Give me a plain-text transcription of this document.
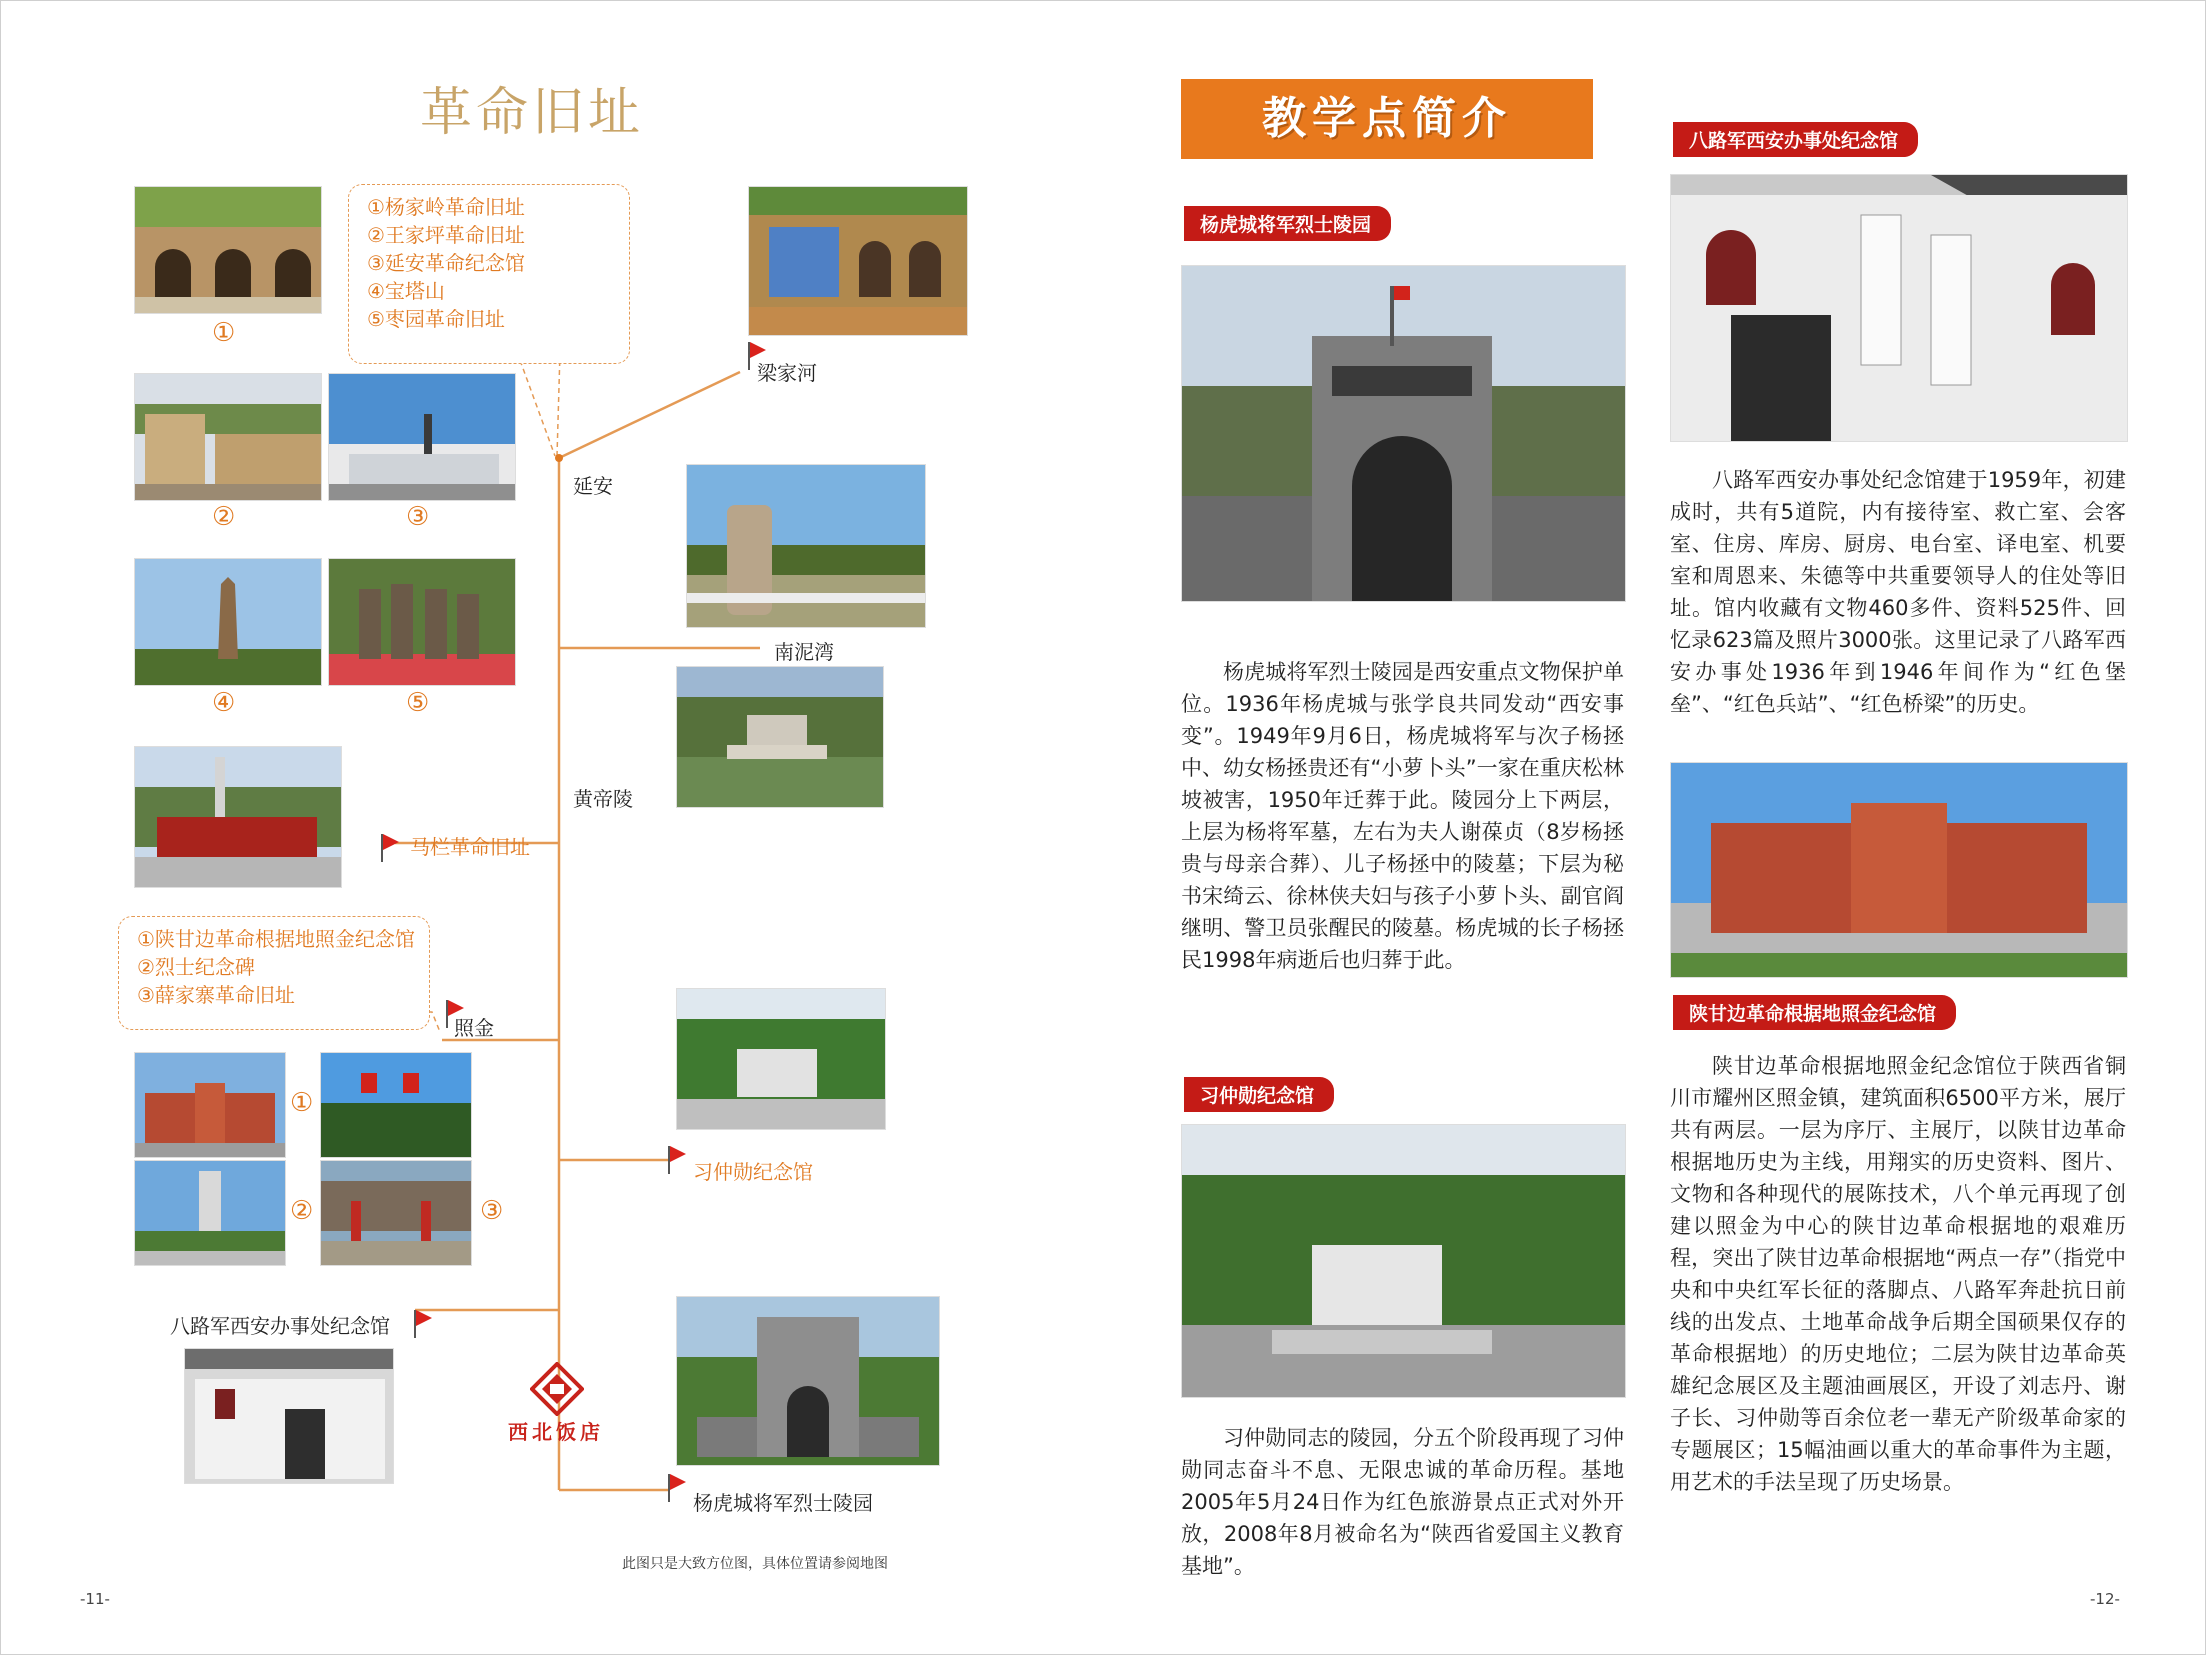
革命旧址
①
②	③
④	⑤
①杨家岭革命旧址
②王家坪革命旧址
③延安革命纪念馆
④宝塔山
⑤枣园革命旧址
梁家河
延安
南泥湾
黄帝陵
马栏革命旧址
①陕甘边革命根据地照金纪念馆
②烈士纪念碑
③薛家寨革命旧址
照金
①
②	③
习仲勋纪念馆
八路军西安办事处纪念馆
西北饭店
杨虎城将军烈士陵园
此图只是大致方位图，具体位置请参阅地图
-11-
教学点简介
杨虎城将军烈士陵园
杨虎城将军烈士陵园是西安重点文物保护单位。1936年杨虎城与张学良共同发动“西安事变”。1949年9月6日，杨虎城将军与次子杨拯中、幼女杨拯贵还有“小萝卜头”一家在重庆松林坡被害，1950年迁葬于此。陵园分上下两层，上层为杨将军墓，左右为夫人谢葆贞（8岁杨拯贵与母亲合葬）、儿子杨拯中的陵墓；下层为秘书宋绮云、徐林侠夫妇与孩子小萝卜头、副官阎继明、警卫员张醒民的陵墓。杨虎城的长子杨拯民1998年病逝后也归葬于此。
习仲勋纪念馆
习仲勋同志的陵园，分五个阶段再现了习仲勋同志奋斗不息、无限忠诚的革命历程。基地2005年5月24日作为红色旅游景点正式对外开放，2008年8月被命名为“陕西省爱国主义教育基地”。
八路军西安办事处纪念馆
八路军西安办事处纪念馆建于1959年，初建成时，共有5道院，内有接待室、救亡室、会客室、住房、库房、厨房、电台室、译电室、机要室和周恩来、朱德等中共重要领导人的住处等旧址。馆内收藏有文物460多件、资料525件、回忆录623篇及照片3000张。这里记录了八路军西安办事处1936年到1946年间作为“红色堡垒”、“红色兵站”、“红色桥梁”的历史。
陕甘边革命根据地照金纪念馆
陕甘边革命根据地照金纪念馆位于陕西省铜川市耀州区照金镇，建筑面积6500平方米，展厅共有两层。一层为序厅、主展厅，以陕甘边革命根据地历史为主线，用翔实的历史资料、图片、文物和各种现代的展陈技术，八个单元再现了创建以照金为中心的陕甘边革命根据地的艰难历程，突出了陕甘边革命根据地“两点一存”（指党中央和中央红军长征的落脚点、八路军奔赴抗日前线的出发点、土地革命战争后期全国硕果仅存的革命根据地）的历史地位；二层为陕甘边革命英雄纪念展区及主题油画展区，开设了刘志丹、谢子长、习仲勋等百余位老一辈无产阶级革命家的专题展区；15幅油画以重大的革命事件为主题，用艺术的手法呈现了历史场景。
-12-
